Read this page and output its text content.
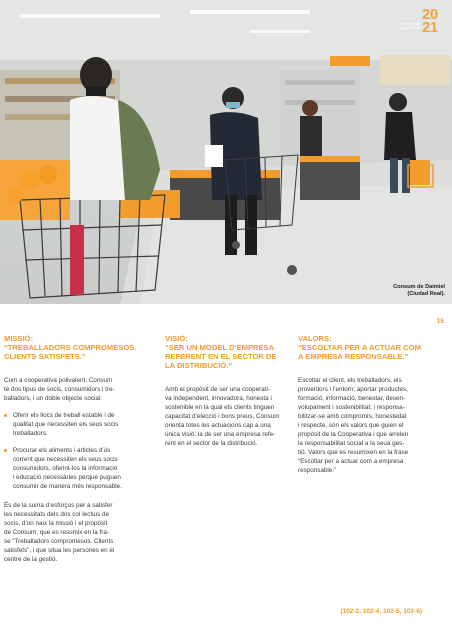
Memòria de
sostenibilitat
20
21
Consum de Daimiel
(Ciudad Real).
15
MISSIÓ:
“TREBALLADORS COMPROMESOS.
CLIENTS SATISFETS.”
Com a cooperativa polivalent, Consum
té dos tipus de socis, consumidors i tre-
balladors, i un doble objecte social:
Oferir els llocs de treball estable i de
qualitat que necessiten els seus socis
treballadors.
Procurar els aliments i articles d’ús
corrent que necessiten els seus socis
consumidors, oferint-los la informació
i educació necessàries perquè puguen
consumir de manera més responsable.
És de la suma d’esforços per a satisfer
les necessitats dels dos col·lectius de
socis, d’on naix la missió i el propòsit
de Consum, que es resumix en la fra-
se “Treballadors compromesos. Clients
satisfets”, i que situa les persones en el
centre de la gestió.
VISIÓ:
“SER UN MODEL D’EMPRESA
REFERENT EN EL SECTOR DE
LA DISTRIBUCIÓ.”
Amb el propòsit de ser una cooperati-
va independent, innovadora, honesta i
sostenible en la qual els clients tinguen
capacitat d’elecció i bons preus, Consum
orienta totes les actuacions cap a una
única visió: la de ser una empresa refe-
rent en el sector de la distribució.
VALORS:
“ESCOLTAR PER A ACTUAR COM
A EMPRESA RESPONSABLE.”
Escoltar el client, els treballadors, els
proveïdors i l’entorn; aportar productes,
formació, informació, benestar, desen-
volupament i sostenibilitat; i responsa-
bilitzar-se amb compromís, honestedat
i respecte, són els valors que guien el
propòsit de la Cooperativa i que arrelen
la responsabilitat social a la seua ges-
tió. Valors que es resumixen en la frase
“Escoltar per a actuar com a empresa
responsable.”
(102-2, 102-4, 102-5, 102-6)
